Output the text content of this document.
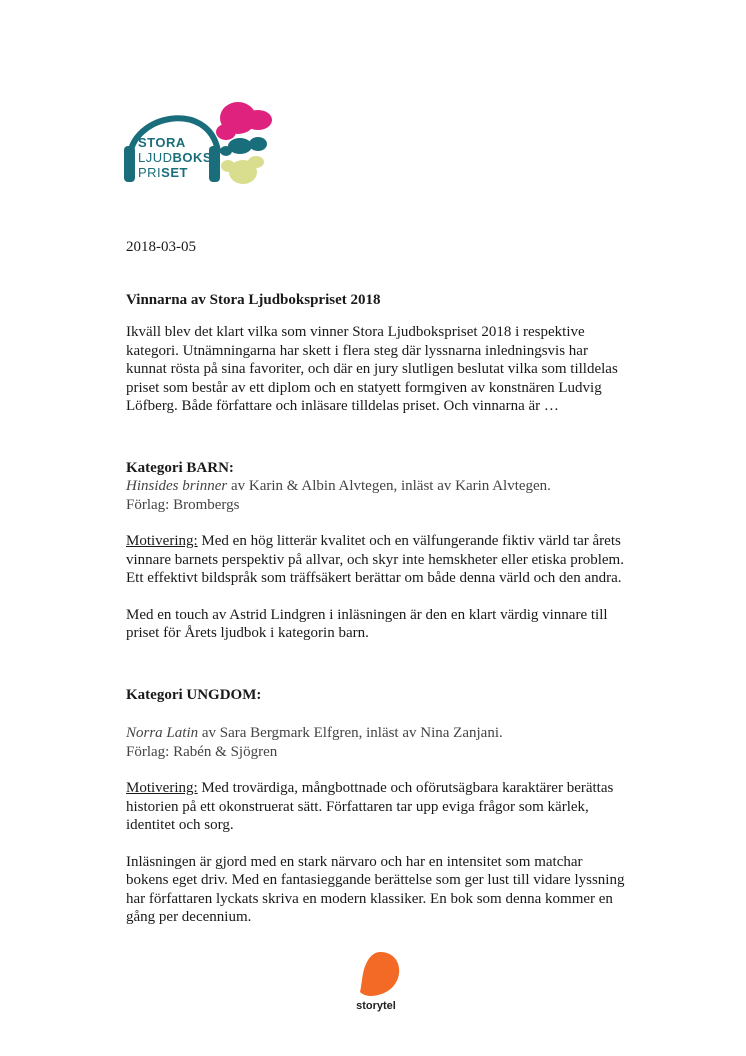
STORA
LJUDBOKS
PRISET

2018-03-05

Vinnarna av Stora Ljudbokspriset 2018

Ikväll blev det klart vilka som vinner Stora Ljudbokspriset 2018 i respektive kategori. Utnämningarna har skett i flera steg där lyssnarna inledningsvis har kunnat rösta på sina favoriter, och där en jury slutligen beslutat vilka som tilldelas priset som består av ett diplom och en statyett formgiven av konstnären Ludvig Löfberg. Både författare och inläsare tilldelas priset. Och vinnarna är …

Kategori BARN:

Hinsides brinner av Karin & Albin Alvtegen, inläst av Karin Alvtegen.

Förlag: Brombergs

Motivering: Med en hög litterär kvalitet och en välfungerande fiktiv värld tar årets vinnare barnets perspektiv på allvar, och skyr inte hemskheter eller etiska problem. Ett effektivt bildspråk som träffsäkert berättar om både denna värld och den andra.

Med en touch av Astrid Lindgren i inläsningen är den en klart värdig vinnare till priset för Årets ljudbok i kategorin barn.

Kategori UNGDOM:

Norra Latin av Sara Bergmark Elfgren, inläst av Nina Zanjani.

Förlag: Rabén & Sjögren

Motivering: Med trovärdiga, mångbottnade och oförutsägbara karaktärer berättas historien på ett okonstruerat sätt. Författaren tar upp eviga frågor som kärlek, identitet och sorg.

Inläsningen är gjord med en stark närvaro och har en intensitet som matchar bokens eget driv. Med en fantasieggande berättelse som ger lust till vidare lyssning har författaren lyckats skriva en modern klassiker. En bok som denna kommer en gång per decennium.

storytel
